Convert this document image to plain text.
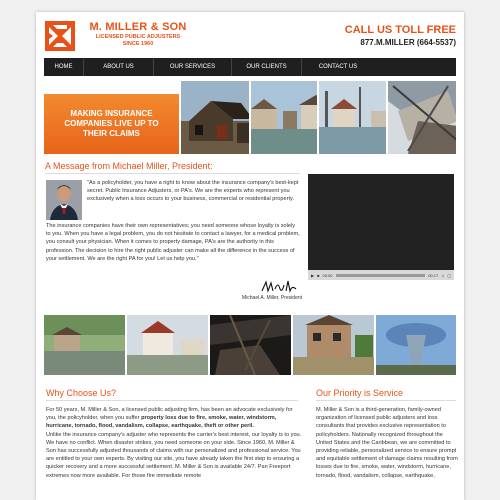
M. MILLER & SON
LICENSED PUBLIC ADJUSTERS
SINCE 1960
CALL US TOLL FREE
877.M.MILLER (664-5537)
HOME	ABOUT US	OUR SERVICES	OUR CLIENTS	CONTACT US
MAKING INSURANCE COMPANIES LIVE UP TO THEIR CLAIMS
A Message from Michael Miller, President:
"As a policyholder, you have a right to know about the insurance company's best-kept secret. Public Insurance Adjusters, or PA's. We are the experts who represent you exclusively when a loss occurs to your business, commercial or residential property.
The insurance companies have their own representatives; you need someone whose loyalty is solely to you. When you have a legal problem, you do not hesitate to contact a lawyer, for a medical problem, you consult your physician. When it comes to property damage, PA's are the authority in this profession. The decision to hire the right public adjuster can make all the difference in the success of your settlement. We are the right PA for you! Let us help you."
Michael A. Miller, President
▶ ■ 00:00	00:17 ♫ ▢
Why Choose Us?
For 50 years, M. Miller & Son, a licensed public adjusting firm, has been an advocate exclusively for you, the policyholder, when you suffer property loss due to fire, smoke, water, windstorm, hurricane, tornado, flood, vandalism, collapse, earthquake, theft or other peril.
Unlike the insurance company's adjuster who represents the carrier's best interest, our loyalty is to you. We have no conflict. When disaster strikes, you need someone on your side. Since 1960, M. Miller & Son has successfully adjusted thousands of claims with our personalized and professional service. You are entitled to your own experts. By visiting our site, you have already taken the first step to ensuring a quicker recovery and a more successful settlement. M. Miller & Son is available 24/7. Pan Freeport extremes now more available. For those fire immediate remote
Our Priority is Service
M. Miller & Son is a third-generation, family-owned organization of licensed public adjusters and loss consultants that provides exclusive representation to policyholders. Nationally recognized throughout the United States and the Caribbean, we are committed to providing reliable, personalized service to ensure prompt and equitable settlement of damage claims resulting from losses due to fire, smoke, water, windstorm, hurricane, tornado, flood, vandalism, collapse, earthquake,
